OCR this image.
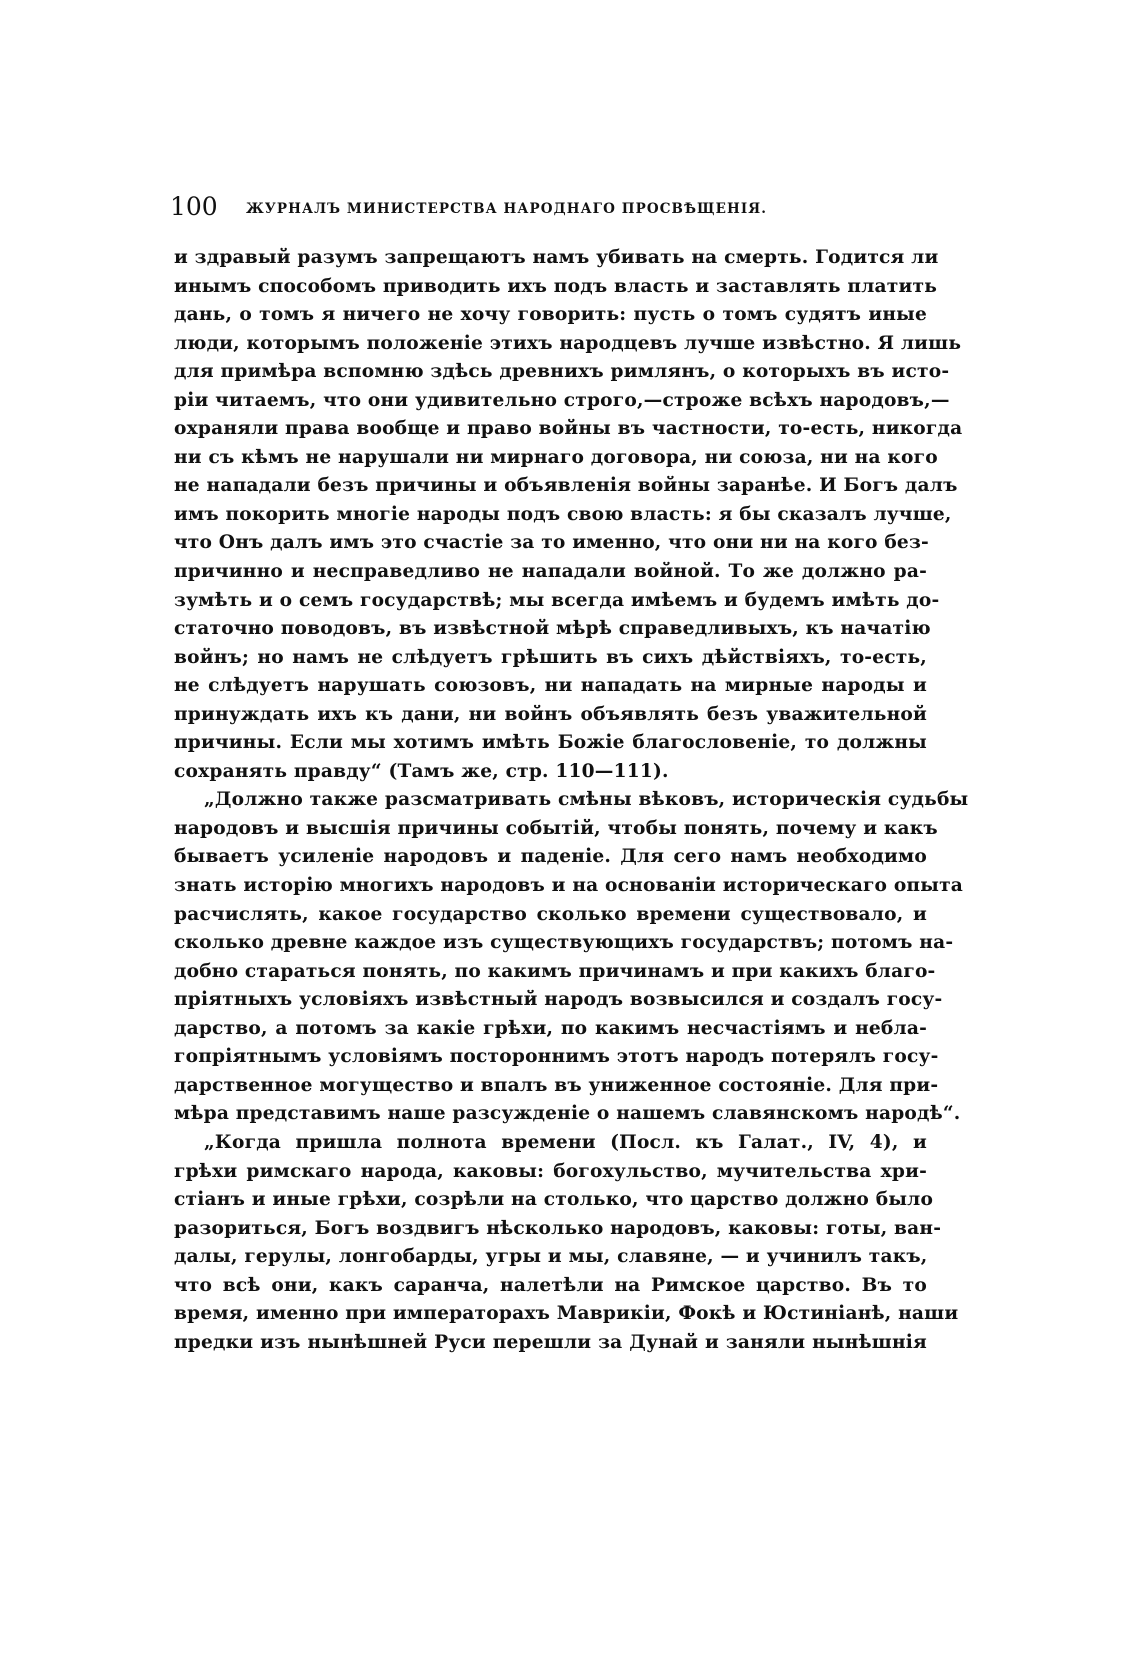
100 ЖУРНАЛЪ МИНИСТЕРСТВА НАРОДНАГО ПРОСВѢЩЕНІЯ.
и здравый разумъ запрещаютъ намъ убивать на смерть. Годится ли
инымъ способомъ приводить ихъ подъ власть и заставлять платить
дань, о томъ я ничего не хочу говорить: пусть о томъ судятъ иные
люди, которымъ положеніе этихъ народцевъ лучше извѣстно. Я лишь
для примѣра вспомню здѣсь древнихъ римлянъ, о которыхъ въ исто-
ріи читаемъ, что они удивительно строго,—строже всѣхъ народовъ,—
охраняли права вообще и право войны въ частности, то-есть, никогда
ни съ кѣмъ не нарушали ни мирнаго договора, ни союза, ни на кого
не нападали безъ причины и объявленія войны заранѣе. И Богъ далъ
имъ покорить многіе народы подъ свою власть: я бы сказалъ лучше,
что Онъ далъ имъ это счастіе за то именно, что они ни на кого без-
причинно и несправедливо не нападали войной. То же должно ра-
зумѣть и о семъ государствѣ; мы всегда имѣемъ и будемъ имѣть до-
статочно поводовъ, въ извѣстной мѣрѣ справедливыхъ, къ начатію
войнъ; но намъ не слѣдуетъ грѣшить въ сихъ дѣйствіяхъ, то-есть,
не слѣдуетъ нарушать союзовъ, ни нападать на мирные народы и
принуждать ихъ къ дани, ни войнъ объявлять безъ уважительной
причины. Если мы хотимъ имѣть Божіе благословеніе, то должны
сохранять правду“ (Тамъ же, стр. 110—111).
„Должно также разсматривать смѣны вѣковъ, историческія судьбы
народовъ и высшія причины событій, чтобы понять, почему и какъ
бываетъ усиленіе народовъ и паденіе. Для сего намъ необходимо
знать исторію многихъ народовъ и на основаніи историческаго опыта
расчислять, какое государство сколько времени существовало, и
сколько древне каждое изъ существующихъ государствъ; потомъ на-
добно стараться понять, по какимъ причинамъ и при какихъ благо-
пріятныхъ условіяхъ извѣстный народъ возвысился и создалъ госу-
дарство, а потомъ за какіе грѣхи, по какимъ несчастіямъ и небла-
гопріятнымъ условіямъ постороннимъ этотъ народъ потерялъ госу-
дарственное могущество и впалъ въ униженное состояніе. Для при-
мѣра представимъ наше разсужденіе о нашемъ славянскомъ народѣ“.
„Когда пришла полнота времени (Посл. къ Галат., IV, 4), и
грѣхи римскаго народа, каковы: богохульство, мучительства хри-
стіанъ и иные грѣхи, созрѣли на столько, что царство должно было
разориться, Богъ воздвигъ нѣсколько народовъ, каковы: готы, ван-
далы, герулы, лонгобарды, угры и мы, славяне, — и учинилъ такъ,
что всѣ они, какъ саранча, налетѣли на Римское царство. Въ то
время, именно при императорахъ Маврикіи, Фокѣ и Юстиніанѣ, наши
предки изъ нынѣшней Руси перешли за Дунай и заняли нынѣшнія
